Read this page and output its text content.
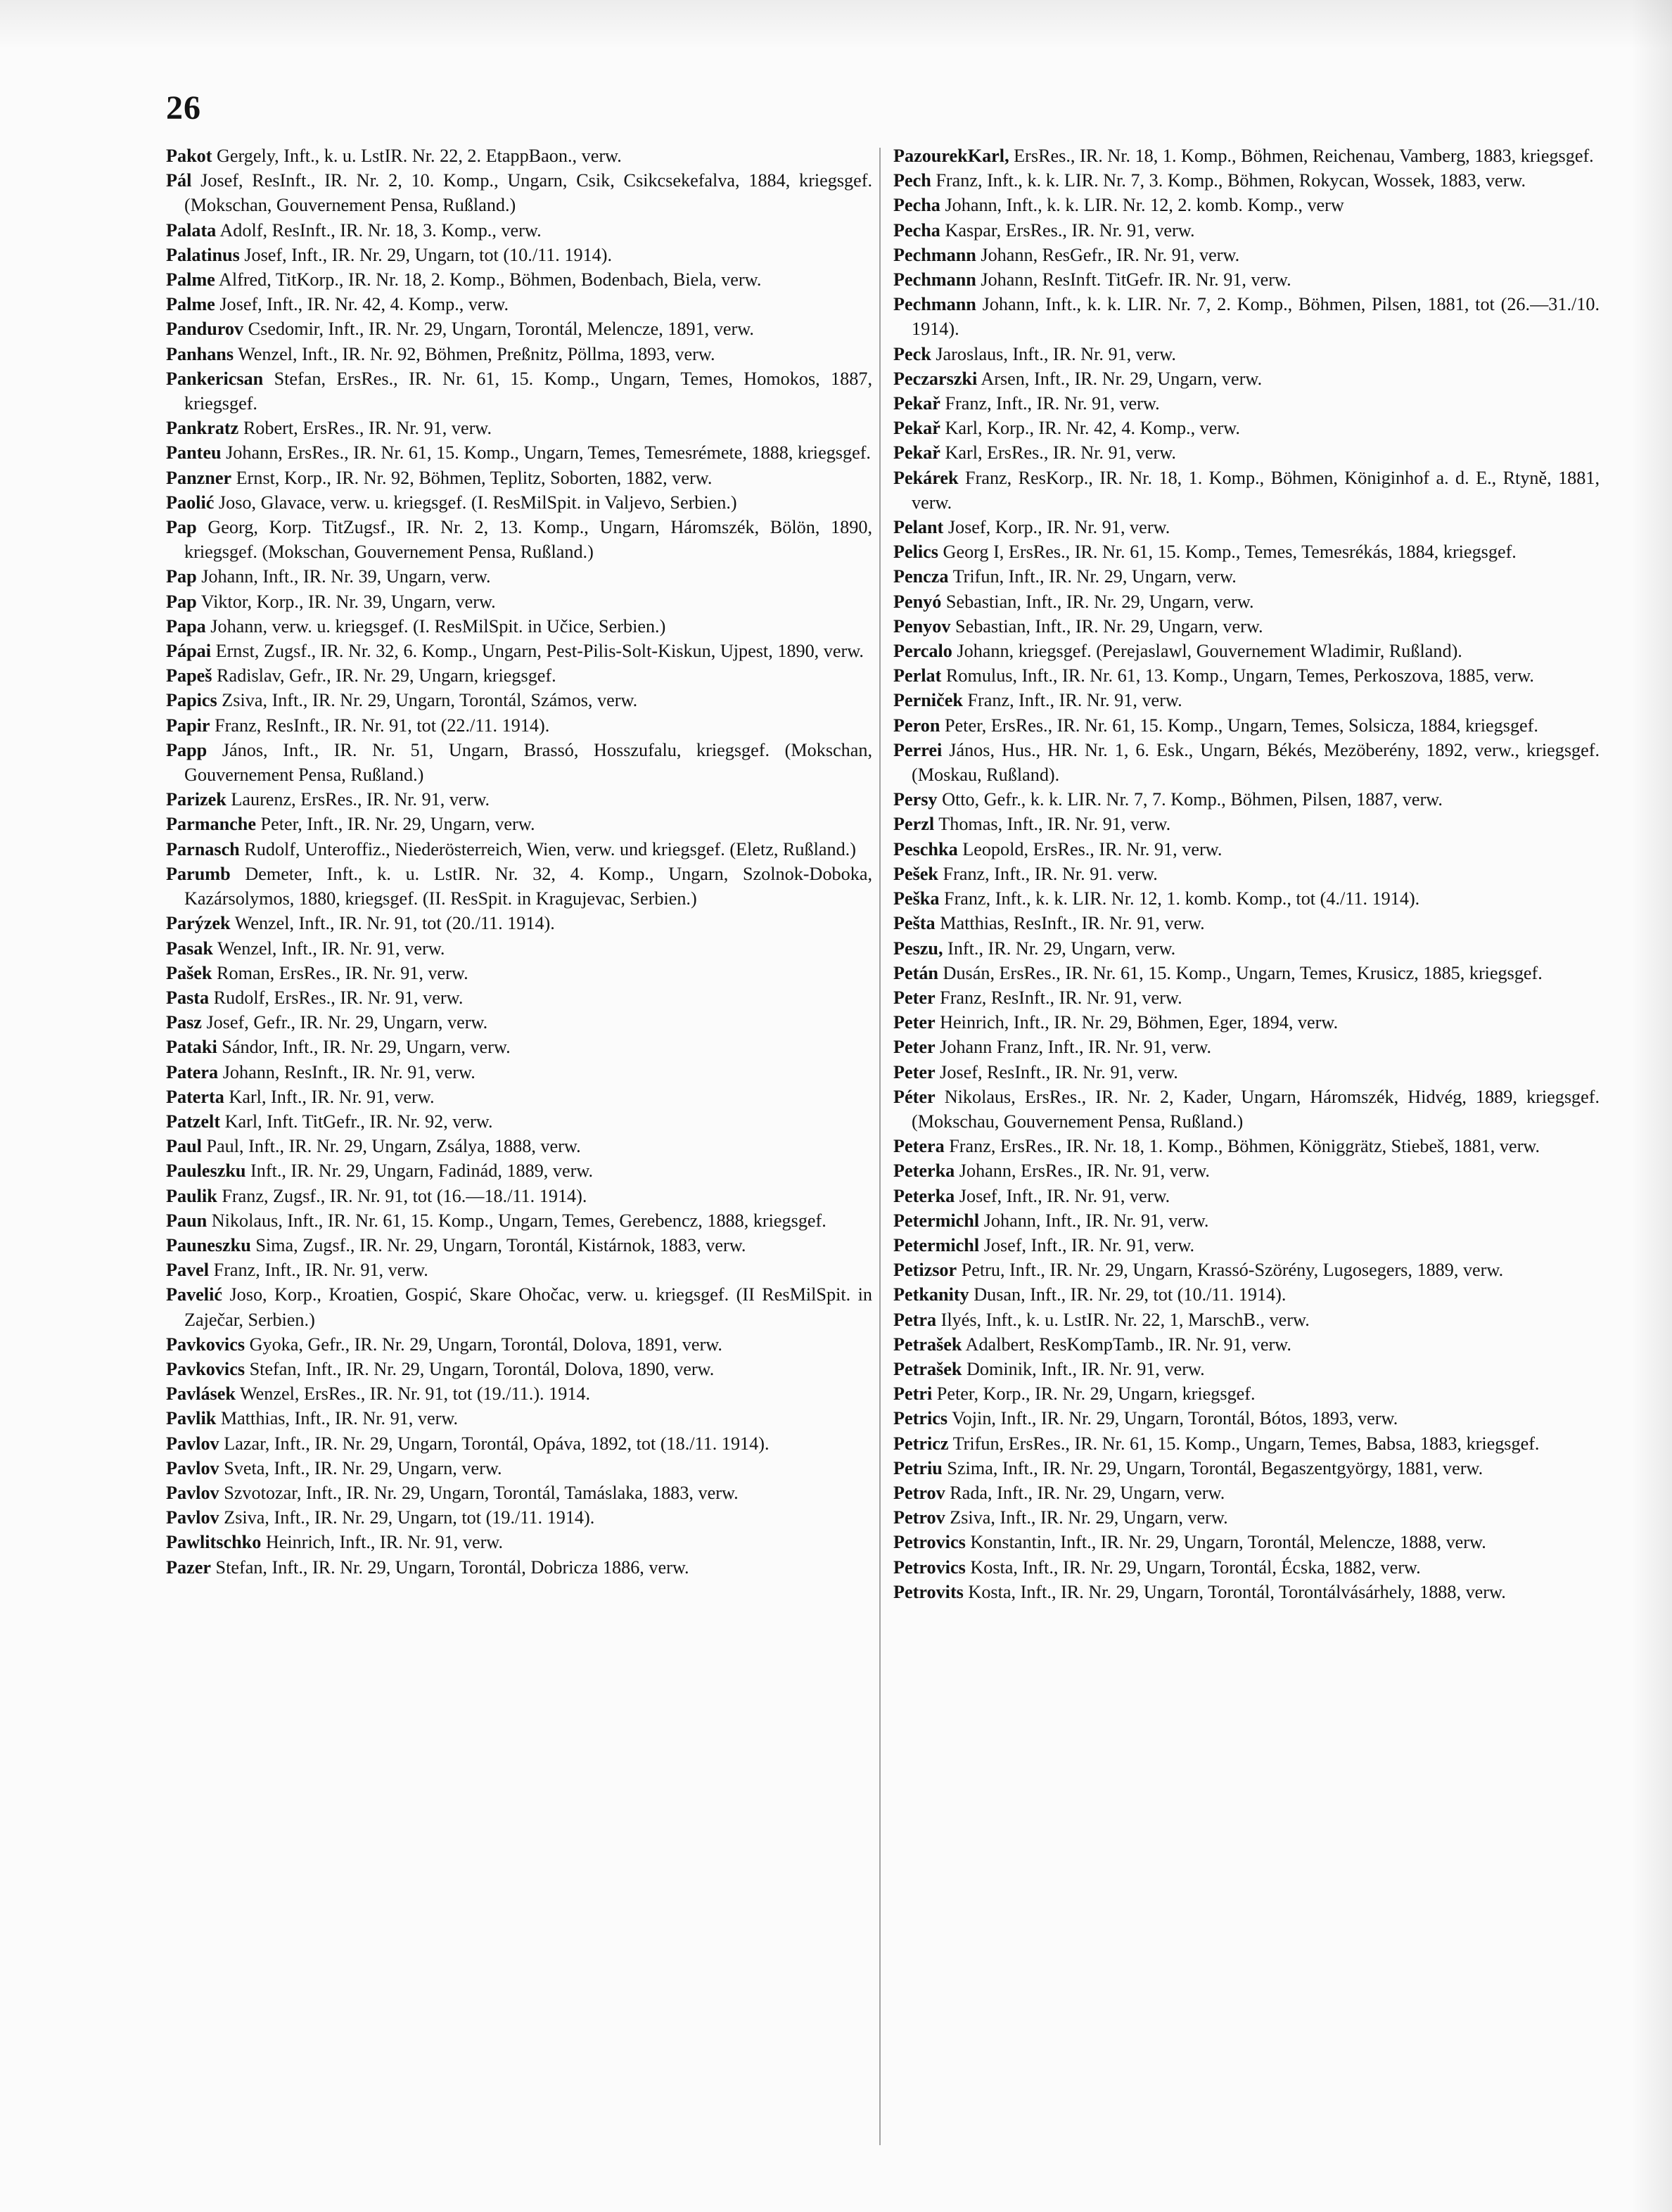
26

Pakot Gergely, Inft., k. u. LstIR. Nr. 22, 2. EtappBaon., verw.

Pál Josef, ResInft., IR. Nr. 2, 10. Komp., Ungarn, Csik, Csikcsekefalva, 1884, kriegsgef. (Mokschan, Gouvernement Pensa, Rußland.)

Palata Adolf, ResInft., IR. Nr. 18, 3. Komp., verw.

Palatinus Josef, Inft., IR. Nr. 29, Ungarn, tot (10./11. 1914).

Palme Alfred, TitKorp., IR. Nr. 18, 2. Komp., Böhmen, Bodenbach, Biela, verw.

Palme Josef, Inft., IR. Nr. 42, 4. Komp., verw.

Pandurov Csedomir, Inft., IR. Nr. 29, Ungarn, Torontál, Melencze, 1891, verw.

Panhans Wenzel, Inft., IR. Nr. 92, Böhmen, Preßnitz, Pöllma, 1893, verw.

Pankericsan Stefan, ErsRes., IR. Nr. 61, 15. Komp., Ungarn, Temes, Homokos, 1887, kriegsgef.

Pankratz Robert, ErsRes., IR. Nr. 91, verw.

Panteu Johann, ErsRes., IR. Nr. 61, 15. Komp., Ungarn, Temes, Temesrémete, 1888, kriegsgef.

Panzner Ernst, Korp., IR. Nr. 92, Böhmen, Teplitz, Soborten, 1882, verw.

Paolić Joso, Glavace, verw. u. kriegsgef. (I. ResMilSpit. in Valjevo, Serbien.)

Pap Georg, Korp. TitZugsf., IR. Nr. 2, 13. Komp., Ungarn, Háromszék, Bölön, 1890, kriegsgef. (Mokschan, Gouvernement Pensa, Rußland.)

Pap Johann, Inft., IR. Nr. 39, Ungarn, verw.

Pap Viktor, Korp., IR. Nr. 39, Ungarn, verw.

Papa Johann, verw. u. kriegsgef. (I. ResMilSpit. in Učice, Serbien.)

Pápai Ernst, Zugsf., IR. Nr. 32, 6. Komp., Ungarn, Pest-Pilis-Solt-Kiskun, Ujpest, 1890, verw.

Papeš Radislav, Gefr., IR. Nr. 29, Ungarn, kriegsgef.

Papics Zsiva, Inft., IR. Nr. 29, Ungarn, Torontál, Számos, verw.

Papir Franz, ResInft., IR. Nr. 91, tot (22./11. 1914).

Papp János, Inft., IR. Nr. 51, Ungarn, Brassó, Hosszufalu, kriegsgef. (Mokschan, Gouvernement Pensa, Rußland.)

Parizek Laurenz, ErsRes., IR. Nr. 91, verw.

Parmanche Peter, Inft., IR. Nr. 29, Ungarn, verw.

Parnasch Rudolf, Unteroffiz., Niederösterreich, Wien, verw. und kriegsgef. (Eletz, Rußland.)

Parumb Demeter, Inft., k. u. LstIR. Nr. 32, 4. Komp., Ungarn, Szolnok-Doboka, Kazársolymos, 1880, kriegsgef. (II. ResSpit. in Kragujevac, Serbien.)

Parýzek Wenzel, Inft., IR. Nr. 91, tot (20./11. 1914).

Pasak Wenzel, Inft., IR. Nr. 91, verw.

Pašek Roman, ErsRes., IR. Nr. 91, verw.

Pasta Rudolf, ErsRes., IR. Nr. 91, verw.

Pasz Josef, Gefr., IR. Nr. 29, Ungarn, verw.

Pataki Sándor, Inft., IR. Nr. 29, Ungarn, verw.

Patera Johann, ResInft., IR. Nr. 91, verw.

Paterta Karl, Inft., IR. Nr. 91, verw.

Patzelt Karl, Inft. TitGefr., IR. Nr. 92, verw.

Paul Paul, Inft., IR. Nr. 29, Ungarn, Zsálya, 1888, verw.

Pauleszku Inft., IR. Nr. 29, Ungarn, Fadinád, 1889, verw.

Paulik Franz, Zugsf., IR. Nr. 91, tot (16.—18./11. 1914).

Paun Nikolaus, Inft., IR. Nr. 61, 15. Komp., Ungarn, Temes, Gerebencz, 1888, kriegsgef.

Pauneszku Sima, Zugsf., IR. Nr. 29, Ungarn, Torontál, Kistárnok, 1883, verw.

Pavel Franz, Inft., IR. Nr. 91, verw.

Pavelić Joso, Korp., Kroatien, Gospić, Skare Ohočac, verw. u. kriegsgef. (II ResMilSpit. in Zaječar, Serbien.)

Pavkovics Gyoka, Gefr., IR. Nr. 29, Ungarn, Torontál, Dolova, 1891, verw.

Pavkovics Stefan, Inft., IR. Nr. 29, Ungarn, Torontál, Dolova, 1890, verw.

Pavlásek Wenzel, ErsRes., IR. Nr. 91, tot (19./11.). 1914.

Pavlik Matthias, Inft., IR. Nr. 91, verw.

Pavlov Lazar, Inft., IR. Nr. 29, Ungarn, Torontál, Opáva, 1892, tot (18./11. 1914).

Pavlov Sveta, Inft., IR. Nr. 29, Ungarn, verw.

Pavlov Szvotozar, Inft., IR. Nr. 29, Ungarn, Torontál, Tamáslaka, 1883, verw.

Pavlov Zsiva, Inft., IR. Nr. 29, Ungarn, tot (19./11. 1914).

Pawlitschko Heinrich, Inft., IR. Nr. 91, verw.

Pazer Stefan, Inft., IR. Nr. 29, Ungarn, Torontál, Dobricza 1886, verw.

PazourekKarl, ErsRes., IR. Nr. 18, 1. Komp., Böhmen, Reichenau, Vamberg, 1883, kriegsgef.

Pech Franz, Inft., k. k. LIR. Nr. 7, 3. Komp., Böhmen, Rokycan, Wossek, 1883, verw.

Pecha Johann, Inft., k. k. LIR. Nr. 12, 2. komb. Komp., verw

Pecha Kaspar, ErsRes., IR. Nr. 91, verw.

Pechmann Johann, ResGefr., IR. Nr. 91, verw.

Pechmann Johann, ResInft. TitGefr. IR. Nr. 91, verw.

Pechmann Johann, Inft., k. k. LIR. Nr. 7, 2. Komp., Böhmen, Pilsen, 1881, tot (26.—31./10. 1914).

Peck Jaroslaus, Inft., IR. Nr. 91, verw.

Peczarszki Arsen, Inft., IR. Nr. 29, Ungarn, verw.

Pekař Franz, Inft., IR. Nr. 91, verw.

Pekař Karl, Korp., IR. Nr. 42, 4. Komp., verw.

Pekař Karl, ErsRes., IR. Nr. 91, verw.

Pekárek Franz, ResKorp., IR. Nr. 18, 1. Komp., Böhmen, Königinhof a. d. E., Rtyně, 1881, verw.

Pelant Josef, Korp., IR. Nr. 91, verw.

Pelics Georg I, ErsRes., IR. Nr. 61, 15. Komp., Temes, Temesrékás, 1884, kriegsgef.

Pencza Trifun, Inft., IR. Nr. 29, Ungarn, verw.

Penyó Sebastian, Inft., IR. Nr. 29, Ungarn, verw.

Penyov Sebastian, Inft., IR. Nr. 29, Ungarn, verw.

Percalo Johann, kriegsgef. (Perejaslawl, Gouvernement Wladimir, Rußland).

Perlat Romulus, Inft., IR. Nr. 61, 13. Komp., Ungarn, Temes, Perkoszova, 1885, verw.

Perniček Franz, Inft., IR. Nr. 91, verw.

Peron Peter, ErsRes., IR. Nr. 61, 15. Komp., Ungarn, Temes, Solsicza, 1884, kriegsgef.

Perrei János, Hus., HR. Nr. 1, 6. Esk., Ungarn, Békés, Mezöberény, 1892, verw., kriegsgef. (Moskau, Rußland).

Persy Otto, Gefr., k. k. LIR. Nr. 7, 7. Komp., Böhmen, Pilsen, 1887, verw.

Perzl Thomas, Inft., IR. Nr. 91, verw.

Peschka Leopold, ErsRes., IR. Nr. 91, verw.

Pešek Franz, Inft., IR. Nr. 91. verw.

Peška Franz, Inft., k. k. LIR. Nr. 12, 1. komb. Komp., tot (4./11. 1914).

Pešta Matthias, ResInft., IR. Nr. 91, verw.

Peszu, Inft., IR. Nr. 29, Ungarn, verw.

Petán Dusán, ErsRes., IR. Nr. 61, 15. Komp., Ungarn, Temes, Krusicz, 1885, kriegsgef.

Peter Franz, ResInft., IR. Nr. 91, verw.

Peter Heinrich, Inft., IR. Nr. 29, Böhmen, Eger, 1894, verw.

Peter Johann Franz, Inft., IR. Nr. 91, verw.

Peter Josef, ResInft., IR. Nr. 91, verw.

Péter Nikolaus, ErsRes., IR. Nr. 2, Kader, Ungarn, Háromszék, Hidvég, 1889, kriegsgef. (Mokschau, Gouvernement Pensa, Rußland.)

Petera Franz, ErsRes., IR. Nr. 18, 1. Komp., Böhmen, Königgrätz, Stiebeš, 1881, verw.

Peterka Johann, ErsRes., IR. Nr. 91, verw.

Peterka Josef, Inft., IR. Nr. 91, verw.

Petermichl Johann, Inft., IR. Nr. 91, verw.

Petermichl Josef, Inft., IR. Nr. 91, verw.

Petizsor Petru, Inft., IR. Nr. 29, Ungarn, Krassó-Szörény, Lugosegers, 1889, verw.

Petkanity Dusan, Inft., IR. Nr. 29, tot (10./11. 1914).

Petra Ilyés, Inft., k. u. LstIR. Nr. 22, 1, MarschB., verw.

Petrašek Adalbert, ResKompTamb., IR. Nr. 91, verw.

Petrašek Dominik, Inft., IR. Nr. 91, verw.

Petri Peter, Korp., IR. Nr. 29, Ungarn, kriegsgef.

Petrics Vojin, Inft., IR. Nr. 29, Ungarn, Torontál, Bótos, 1893, verw.

Petricz Trifun, ErsRes., IR. Nr. 61, 15. Komp., Ungarn, Temes, Babsa, 1883, kriegsgef.

Petriu Szima, Inft., IR. Nr. 29, Ungarn, Torontál, Begaszentgyörgy, 1881, verw.

Petrov Rada, Inft., IR. Nr. 29, Ungarn, verw.

Petrov Zsiva, Inft., IR. Nr. 29, Ungarn, verw.

Petrovics Konstantin, Inft., IR. Nr. 29, Ungarn, Torontál, Melencze, 1888, verw.

Petrovics Kosta, Inft., IR. Nr. 29, Ungarn, Torontál, Écska, 1882, verw.

Petrovits Kosta, Inft., IR. Nr. 29, Ungarn, Torontál, Torontálvásárhely, 1888, verw.
